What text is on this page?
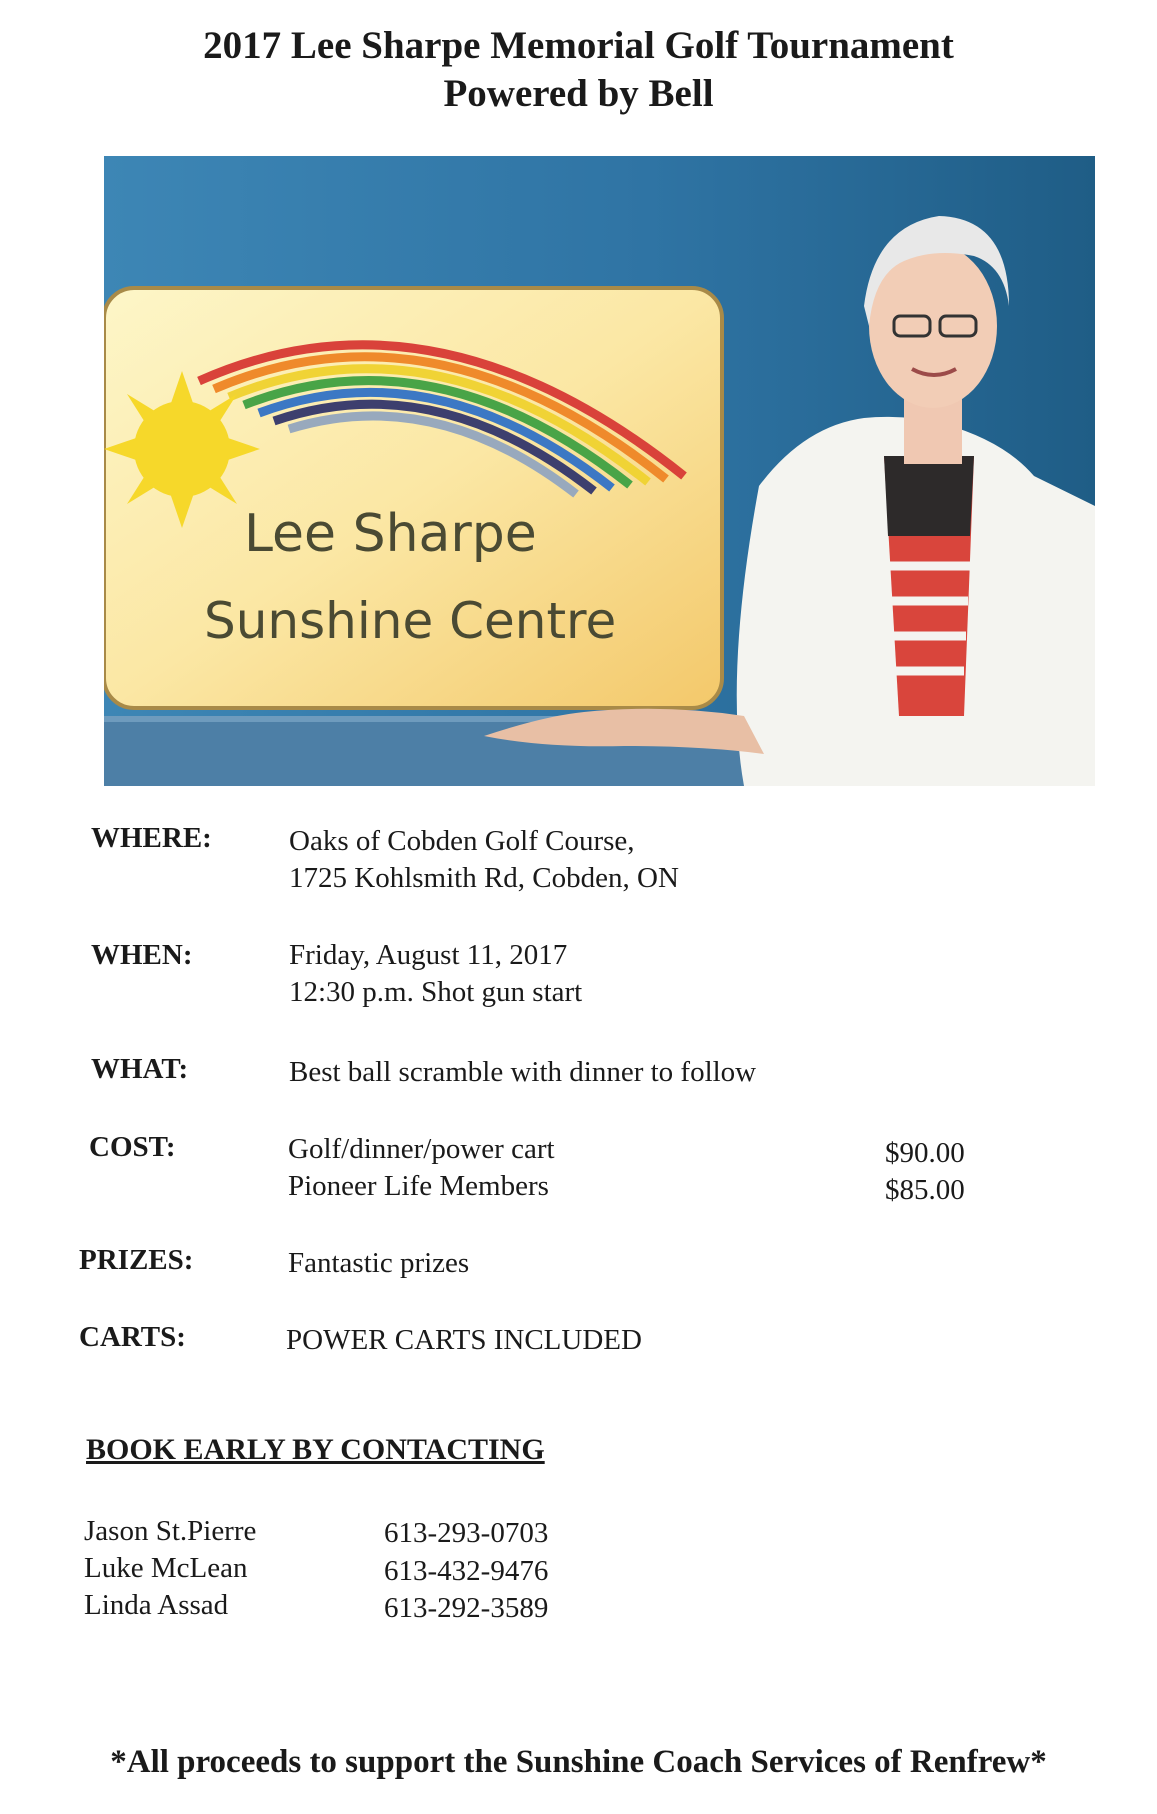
2017 Lee Sharpe Memorial Golf Tournament
Powered by Bell
Lee Sharpe
Sunshine Centre
WHERE:	Oaks of Cobden Golf Course,
1725 Kohlsmith Rd, Cobden, ON
WHEN:	Friday, August 11, 2017
12:30 p.m. Shot gun start
WHAT:	Best ball scramble with dinner to follow
COST:	Golf/dinner/power cart	$90.00
Pioneer Life Members	$85.00
PRIZES:	Fantastic prizes
CARTS:	POWER CARTS INCLUDED
BOOK EARLY BY CONTACTING
Jason St.Pierre	613-293-0703
Luke McLean	613-432-9476
Linda Assad	613-292-3589
*All proceeds to support the Sunshine Coach Services of Renfrew*
